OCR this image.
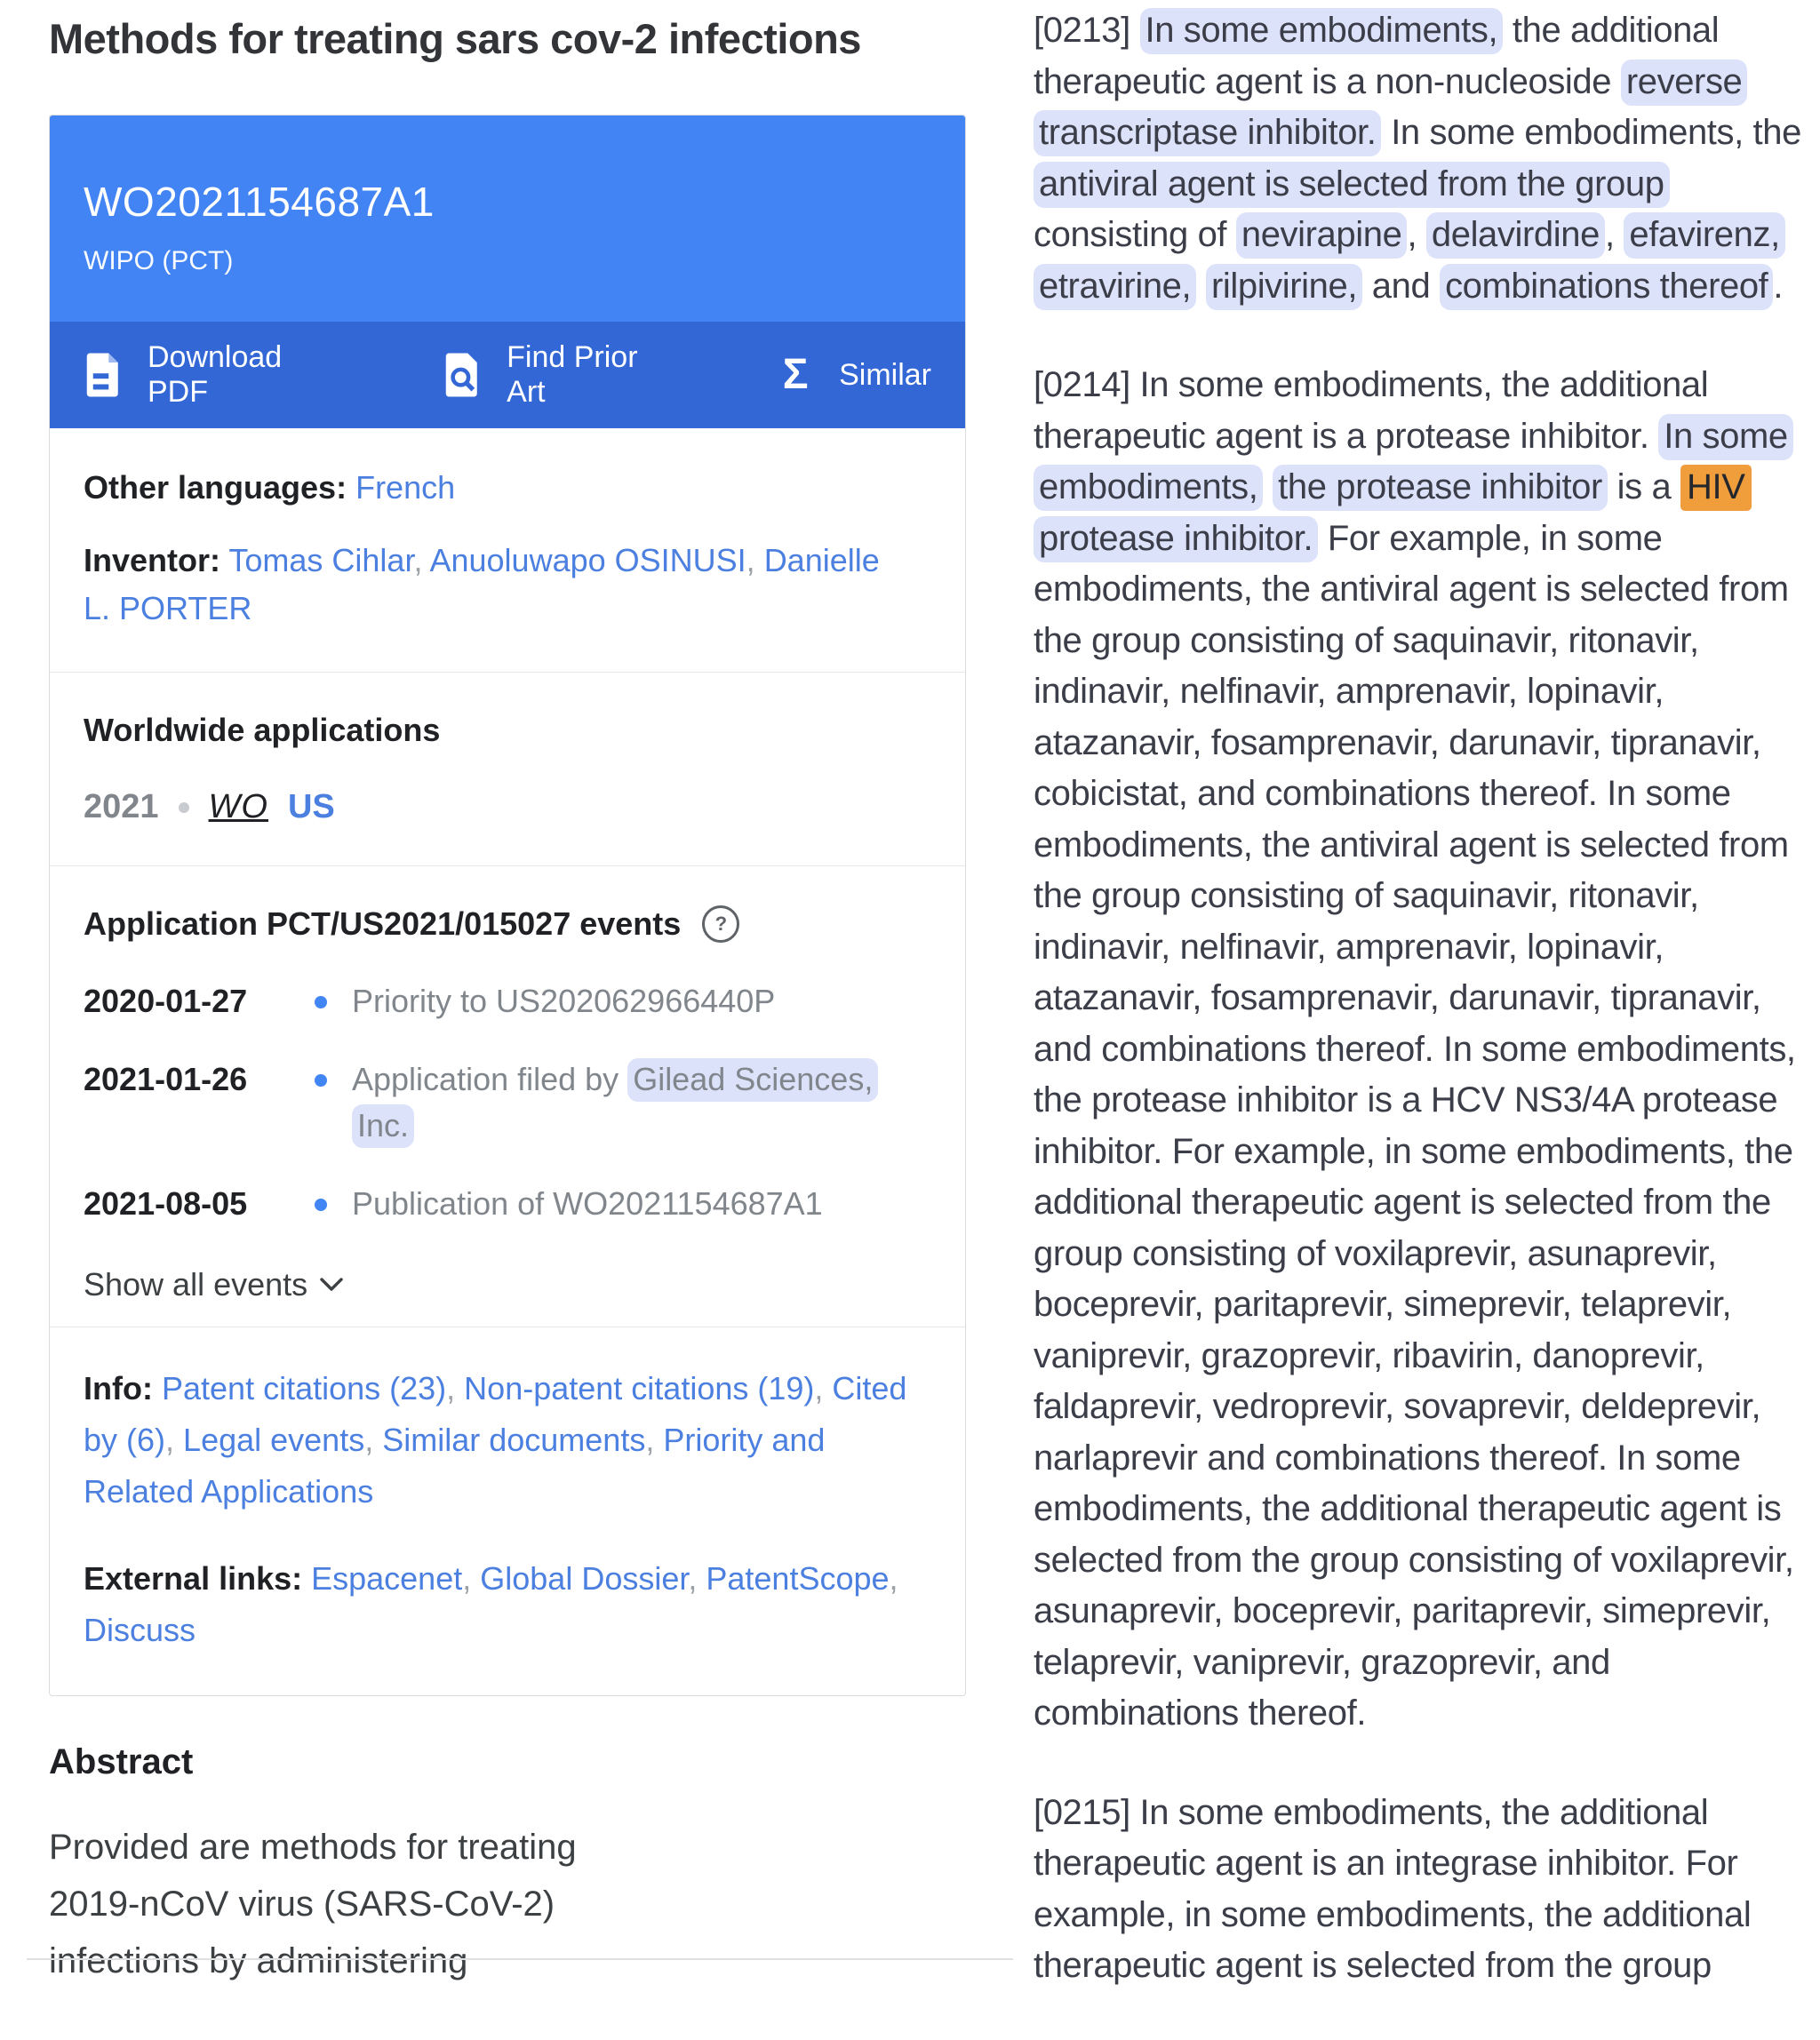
Methods for treating sars cov-2 infections
WO2021154687A1
WIPO (PCT)
Download PDF
Find Prior Art	Σ Similar
Other languages: French
Inventor: Tomas Cihlar, Anuoluwapo OSINUSI, Danielle L. PORTER
Worldwide applications
2021 WO US
Application PCT/US2021/015027 events	?
2020-01-27	Priority to US202062966440P
2021-01-26	Application filed by Gilead Sciences, Inc.
2021-08-05	Publication of WO2021154687A1
Show all events

Info: Patent citations (23), Non-patent citations (19), Cited by (6), Legal events, Similar documents, Priority and Related Applications

External links: Espacenet, Global Dossier, PatentScope, Discuss

Abstract

Provided are methods for treating 2019-nCoV virus (SARS-CoV-2) infections by administering

[0213] In some embodiments, the additional therapeutic agent is a non-nucleoside reverse transcriptase inhibitor. In some embodiments, the antiviral agent is selected from the group consisting of nevirapine , delavirdine , efavirenz, etravirine, rilpivirine, and combinations thereof .
[0214] In some embodiments, the additional therapeutic agent is a protease inhibitor. In some embodiments, the protease inhibitor is a HIV protease inhibitor. For example, in some embodiments, the antiviral agent is selected from the group consisting of saquinavir, ritonavir, indinavir, nelfinavir, amprenavir, lopinavir, atazanavir, fosamprenavir, darunavir, tipranavir, cobicistat, and combinations thereof. In some embodiments, the antiviral agent is selected from the group consisting of saquinavir, ritonavir, indinavir, nelfinavir, amprenavir, lopinavir, atazanavir, fosamprenavir, darunavir, tipranavir, and combinations thereof. In some embodiments, the protease inhibitor is a HCV NS3/4A protease inhibitor. For example, in some embodiments, the additional therapeutic agent is selected from the group consisting of voxilaprevir, asunaprevir, boceprevir, paritaprevir, simeprevir, telaprevir, vaniprevir, grazoprevir, ribavirin, danoprevir, faldaprevir, vedroprevir, sovaprevir, deldeprevir, narlaprevir and combinations thereof. In some embodiments, the additional therapeutic agent is selected from the group consisting of voxilaprevir, asunaprevir, boceprevir, paritaprevir, simeprevir, telaprevir, vaniprevir, grazoprevir, and combinations thereof.
[0215] In some embodiments, the additional therapeutic agent is an integrase inhibitor. For example, in some embodiments, the additional therapeutic agent is selected from the group
